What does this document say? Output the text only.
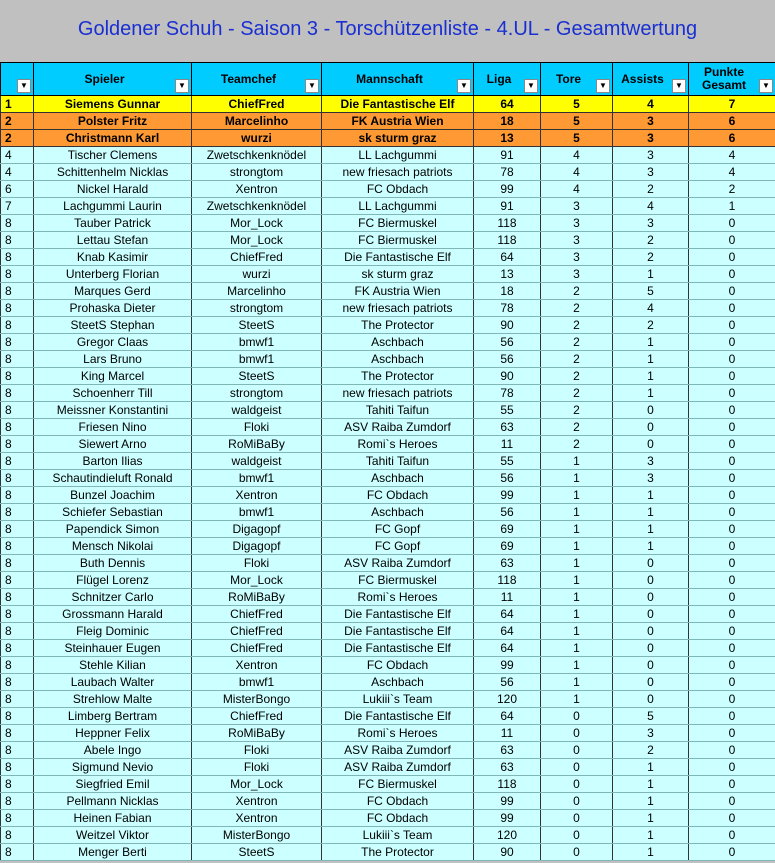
Goldener Schuh - Saison 3 - Torschützenliste - 4.UL - Gesamtwertung
▼	Spieler ▼	Teamchef ▼	Mannschaft ▼	Liga ▼	Tore ▼	Assists ▼	Punkte
Gesamt ▼

1	Siemens Gunnar	ChiefFred	Die Fantastische Elf	64	5	4	7
2	Polster Fritz	Marcelinho	FK Austria Wien	18	5	3	6
2	Christmann Karl	wurzi	sk sturm graz	13	5	3	6
4	Tischer Clemens	Zwetschkenknödel	LL Lachgummi	91	4	3	4
4	Schittenhelm Nicklas	strongtom	new friesach patriots	78	4	3	4
6	Nickel Harald	Xentron	FC Obdach	99	4	2	2
7	Lachgummi Laurin	Zwetschkenknödel	LL Lachgummi	91	3	4	1
8	Tauber Patrick	Mor_Lock	FC Biermuskel	118	3	3	0
8	Lettau Stefan	Mor_Lock	FC Biermuskel	118	3	2	0
8	Knab Kasimir	ChiefFred	Die Fantastische Elf	64	3	2	0
8	Unterberg Florian	wurzi	sk sturm graz	13	3	1	0
8	Marques Gerd	Marcelinho	FK Austria Wien	18	2	5	0
8	Prohaska Dieter	strongtom	new friesach patriots	78	2	4	0
8	SteetS Stephan	SteetS	The Protector	90	2	2	0
8	Gregor Claas	bmwf1	Aschbach	56	2	1	0
8	Lars Bruno	bmwf1	Aschbach	56	2	1	0
8	King Marcel	SteetS	The Protector	90	2	1	0
8	Schoenherr Till	strongtom	new friesach patriots	78	2	1	0
8	Meissner Konstantini	waldgeist	Tahiti Taifun	55	2	0	0
8	Friesen Nino	Floki	ASV Raiba Zumdorf	63	2	0	0
8	Siewert Arno	RoMiBaBy	Romi`s Heroes	11	2	0	0
8	Barton Ilias	waldgeist	Tahiti Taifun	55	1	3	0
8	Schautindieluft Ronald	bmwf1	Aschbach	56	1	3	0
8	Bunzel Joachim	Xentron	FC Obdach	99	1	1	0
8	Schiefer Sebastian	bmwf1	Aschbach	56	1	1	0
8	Papendick Simon	Digagopf	FC Gopf	69	1	1	0
8	Mensch Nikolai	Digagopf	FC Gopf	69	1	1	0
8	Buth Dennis	Floki	ASV Raiba Zumdorf	63	1	0	0
8	Flügel Lorenz	Mor_Lock	FC Biermuskel	118	1	0	0
8	Schnitzer Carlo	RoMiBaBy	Romi`s Heroes	11	1	0	0
8	Grossmann Harald	ChiefFred	Die Fantastische Elf	64	1	0	0
8	Fleig Dominic	ChiefFred	Die Fantastische Elf	64	1	0	0
8	Steinhauer Eugen	ChiefFred	Die Fantastische Elf	64	1	0	0
8	Stehle Kilian	Xentron	FC Obdach	99	1	0	0
8	Laubach Walter	bmwf1	Aschbach	56	1	0	0
8	Strehlow Malte	MisterBongo	Lukiii`s Team	120	1	0	0
8	Limberg Bertram	ChiefFred	Die Fantastische Elf	64	0	5	0
8	Heppner Felix	RoMiBaBy	Romi`s Heroes	11	0	3	0
8	Abele Ingo	Floki	ASV Raiba Zumdorf	63	0	2	0
8	Sigmund Nevio	Floki	ASV Raiba Zumdorf	63	0	1	0
8	Siegfried Emil	Mor_Lock	FC Biermuskel	118	0	1	0
8	Pellmann Nicklas	Xentron	FC Obdach	99	0	1	0
8	Heinen Fabian	Xentron	FC Obdach	99	0	1	0
8	Weitzel Viktor	MisterBongo	Lukiii`s Team	120	0	1	0
8	Menger Berti	SteetS	The Protector	90	0	1	0
